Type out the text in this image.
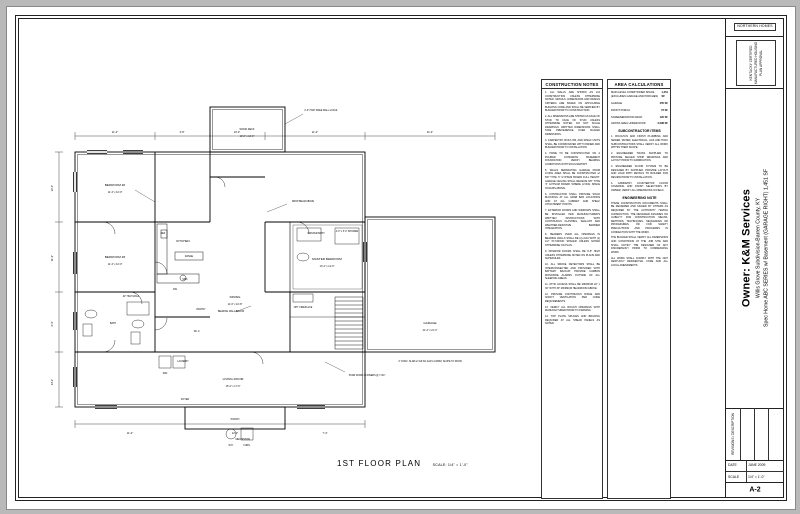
BEDROOM #2
11'-4" x 10'-0"
BEDROOM #3
11'-4" x 10'-0"
BATH
KITCHEN
DINING
11'-0" x 10'-8"
LIVING ROOM
15'-4" x 17'-0"
MASTER BEDROOM
13'-4" x 14'-0"
MASTER BATH
LAUNDRY
W.I.C.
FOYER
GARAGE
21'-4" x 21'-4"
WOOD DECK
10'-0" x 12'-0"
MECH/STOR.
PORCH
2'-0" HIGH KNEE WALL w/ RAIL
DROP BEAM ABOVE
BEARING WALL BELOW
STAIR DOWN 14 RISERS @ 7-3/4"
SINK
REF
RANGE
DW
W/D
W.H.	FURN.
4'-0" x 5'-0" SHOWER
PANTRY
OPT. FIREPLACE
42" HIGH WALL
11'-4"	3'-8"	10'-0"	11'-0"	21'-4"
10'-0"
11'-4"
3'-4"
14'-0"
11'-4"	12'-0"	7'-4"
4" CONC. SLAB w/ 6x6 W1.4xW1.4 WWM, SLOPE TO DOOR
1ST FLOOR PLAN	SCALE: 1/4" = 1'-0"
CONSTRUCTION NOTES
1. ALL WALLS ARE SHOWN AS 2x4 CONSTRUCTION UNLESS OTHERWISE NOTED. DETAILS, DIMENSIONS AND DESIGN CRITERIA ARE BASED ON APPLICABLE BUILDING CODE AND SHALL BE VERIFIED BY BUILDER PRIOR TO CONSTRUCTION.
2. ALL DIMENSIONS ARE SHOWN AS FACE OF STUD TO FACE OF STUD UNLESS OTHERWISE NOTED. DO NOT SCALE DRAWINGS. WRITTEN DIMENSIONS SHALL TAKE PRECEDENCE OVER SCALED DIMENSIONS.
3. CARPENTRY, BUILT-INS, AND SHELF UNITS SHALL BE COORDINATED WITH OWNER AND BUILDER PRIOR TO INSTALLATION.
4. HOME TO BE CONSTRUCTED ON A POURED CONCRETE BASEMENT FOUNDATION. VERIFY BEARING CONDITIONS WITH SOILS REPORT.
5. WALLS SEPARATING GARAGE FROM LIVING AREA SHALL BE CONSTRUCTED w/ 5/8" TYPE 'X' GYPSUM BOARD FULL HEIGHT. GARAGE CEILING SHALL RECEIVE 5/8" TYPE 'X' GYPSUM BOARD WHERE LIVING SPACE OCCURS ABOVE.
6. CONTRACTOR SHALL PROVIDE SOLID BLOCKING AT ALL GRAB BAR LOCATIONS AND AT ALL CABINET AND SHELF ATTACHMENT POINTS.
7. EXTERIOR DOORS AND WINDOWS SHALL BE INSTALLED PER MANUFACTURER'S WRITTEN INSTRUCTIONS WITH CONTINUOUS FLASHING, SEALANT AND WEATHER-RESISTIVE BARRIER INTEGRATION.
8. HEADERS OVER ALL OPENINGS IN BEARING WALLS SHALL BE (2) 2x10 WITH (1) 1/2" PLYWOOD SPACER UNLESS NOTED OTHERWISE ON PLAN.
9. INTERIOR DOORS SHALL BE 6'-8" HIGH UNLESS OTHERWISE NOTED ON PLANS AND SCHEDULES.
10. ALL SMOKE DETECTORS SHALL BE INTERCONNECTED AND PROVIDED WITH BATTERY BACKUP. PROVIDE CARBON MONOXIDE ALARMS OUTSIDE OF ALL SLEEPING AREAS.
11. ATTIC ACCESS SHALL BE MINIMUM 22" x 30" WITH 30" MINIMUM HEADROOM ABOVE.
12. PROVIDE CONTINUOUS RIDGE AND SOFFIT VENTILATION PER CODE REQUIREMENTS.
13. VERIFY ALL ROUGH OPENINGS WITH MANUFACTURER PRIOR TO FRAMING.
14. TOP PLATE SPLICES AND BRACING REQUIRED AT ALL SHEAR PANELS AS NOTED.
AREA CALCULATIONS
MAIN LEVEL CONDITIONED SPACE (EXCLUDES GARAGE AND PORCHES)
1,451 SF
GARAGE	455 SF
FRONT PORCH	72 SF
SCREENED/WOOD DECK	120 SF
GROSS AREA UNDER ROOF	2,098 SF
SUBCONTRACTOR ITEMS
1. ROUGH-IN AND FINISH PLUMBING AND SEWER, WATER, ELECTRICAL, GAS AND HVAC SUBCONTRACTORS SHALL VERIFY ALL WORK WITHIN THEIR SCOPE.
2. ENGINEERED TRUSS SUPPLIER TO PROVIDE SEALED SHOP DRAWINGS AND LAYOUT PRIOR TO FABRICATION.
3. ENGINEERED FLOOR SYSTEM TO BE DESIGNED BY SUPPLIER. PROVIDE LAYOUT AND LOAD PATH DETAILS TO BUILDER FOR REVIEW PRIOR TO INSTALLATION.
4. CABINETRY, COUNTERTOP, FLOOR COVERING AND FINISH SELECTIONS BY OWNER; VERIFY ALL DIMENSIONS IN FIELD.
ENGINEERING NOTE
THESE CONSTRUCTION DOCUMENTS SHALL BE REVIEWED AND SIGNED BY OTHERS AS REQUIRED BY THE AUTHORITY HAVING JURISDICTION. THE DESIGNER ASSUMES NO LIABILITY FOR CONSTRUCTION MEANS, METHODS, TECHNIQUES, SEQUENCES OR PROCEDURES, OR FOR SAFETY PRECAUTIONS AND PROGRAMS IN CONNECTION WITH THE WORK.
THE BUILDER SHALL VERIFY ALL DIMENSIONS AND CONDITIONS AT THE JOB SITE AND SHALL NOTIFY THE DESIGNER OF ANY DISCREPANCY PRIOR TO COMMENCING WORK.
ALL WORK SHALL COMPLY WITH THE 2007 KENTUCKY RESIDENTIAL CODE AND ALL LOCAL AMENDMENTS.
NORTHERN HOMES
KENTUCKY CERTIFIED MANUFACTURED HOUSING PLAN APPROVAL
Owner: K&M Services Willis Grove Subdivision-Barren County, KY Spec Home ABC SERIES w/ Basement (GARAGE RIGHT) 1,451 SF
REVISIONS / DESCRIPTION
DATE	JUNE 2009
SCALE	1/4" = 1'-0"
A-2
